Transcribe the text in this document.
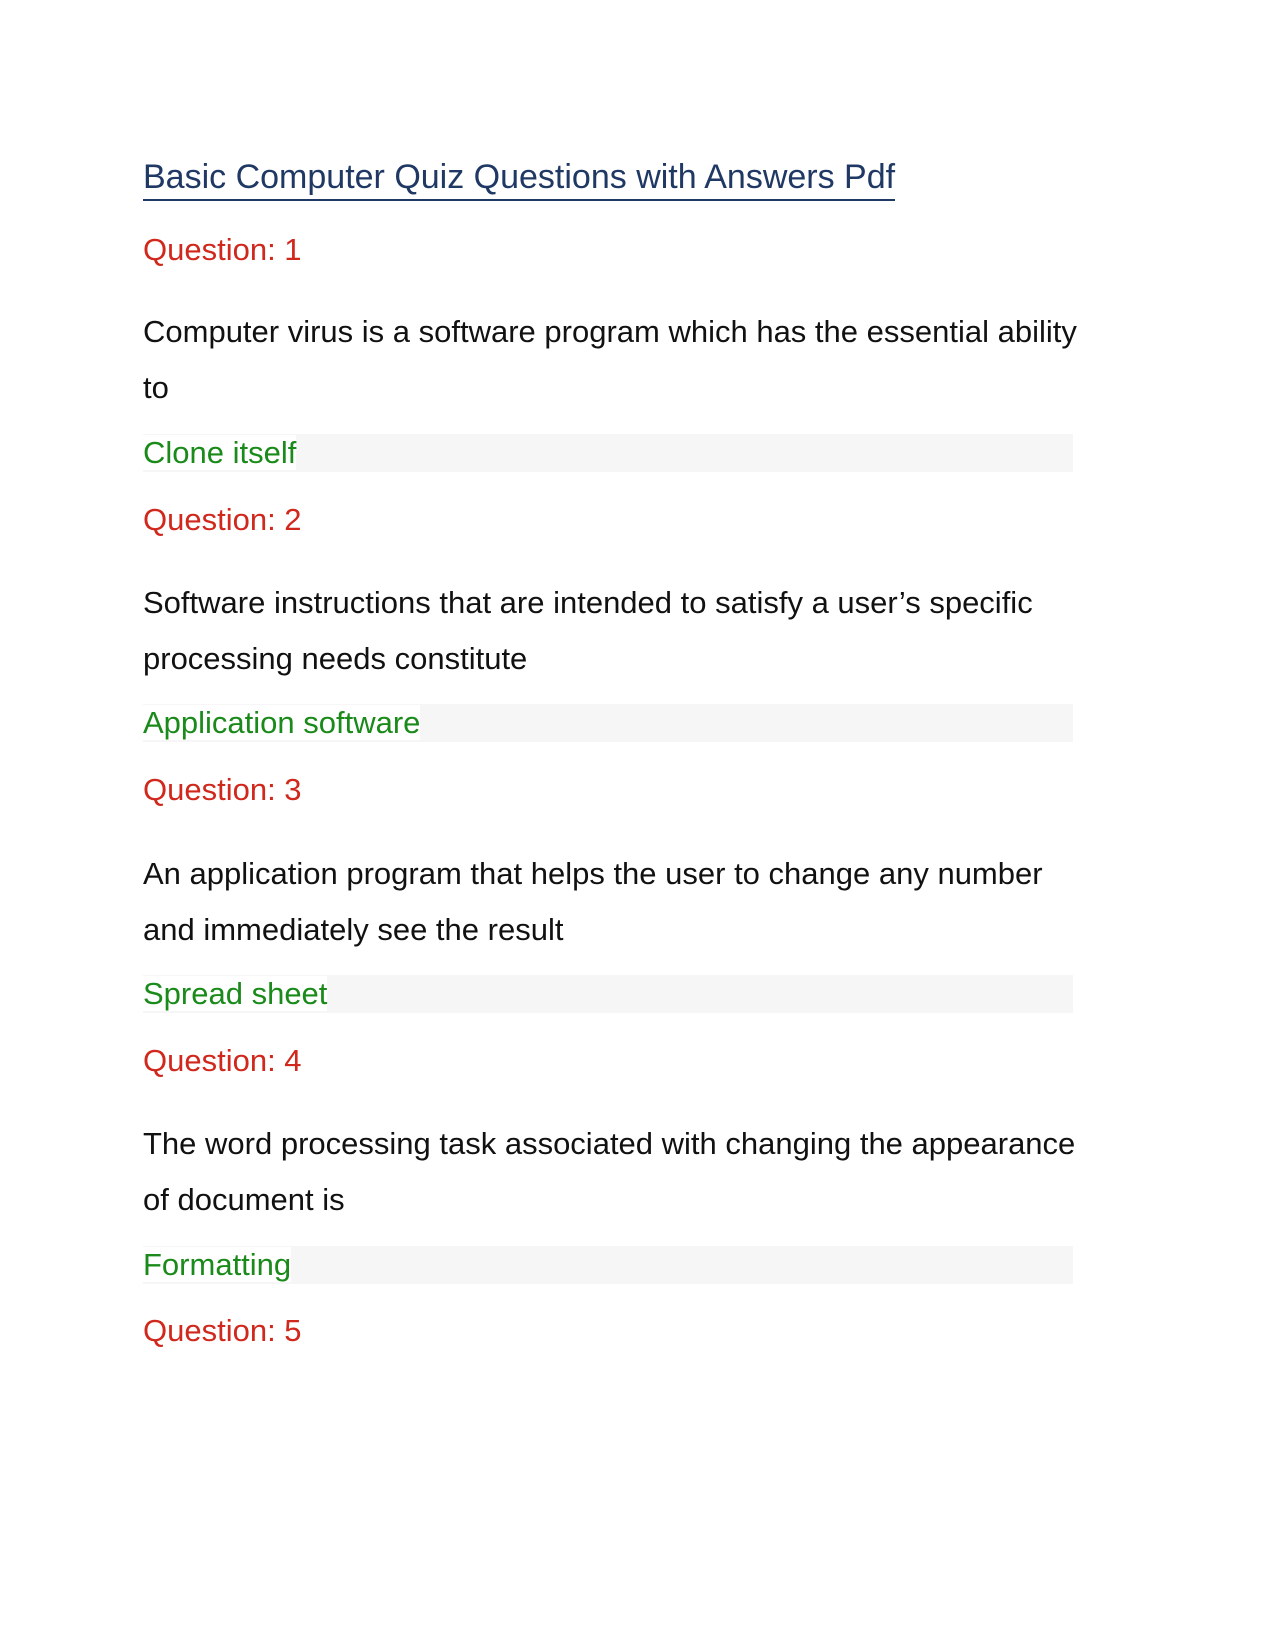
Basic Computer Quiz Questions with Answers Pdf
Question: 1
Computer virus is a software program which has the essential ability to
Clone itself
Question: 2
Software instructions that are intended to satisfy a user’s specific processing needs constitute
Application software
Question: 3
An application program that helps the user to change any number and immediately see the result
Spread sheet
Question: 4
The word processing task associated with changing the appearance of document is
Formatting
Question: 5
